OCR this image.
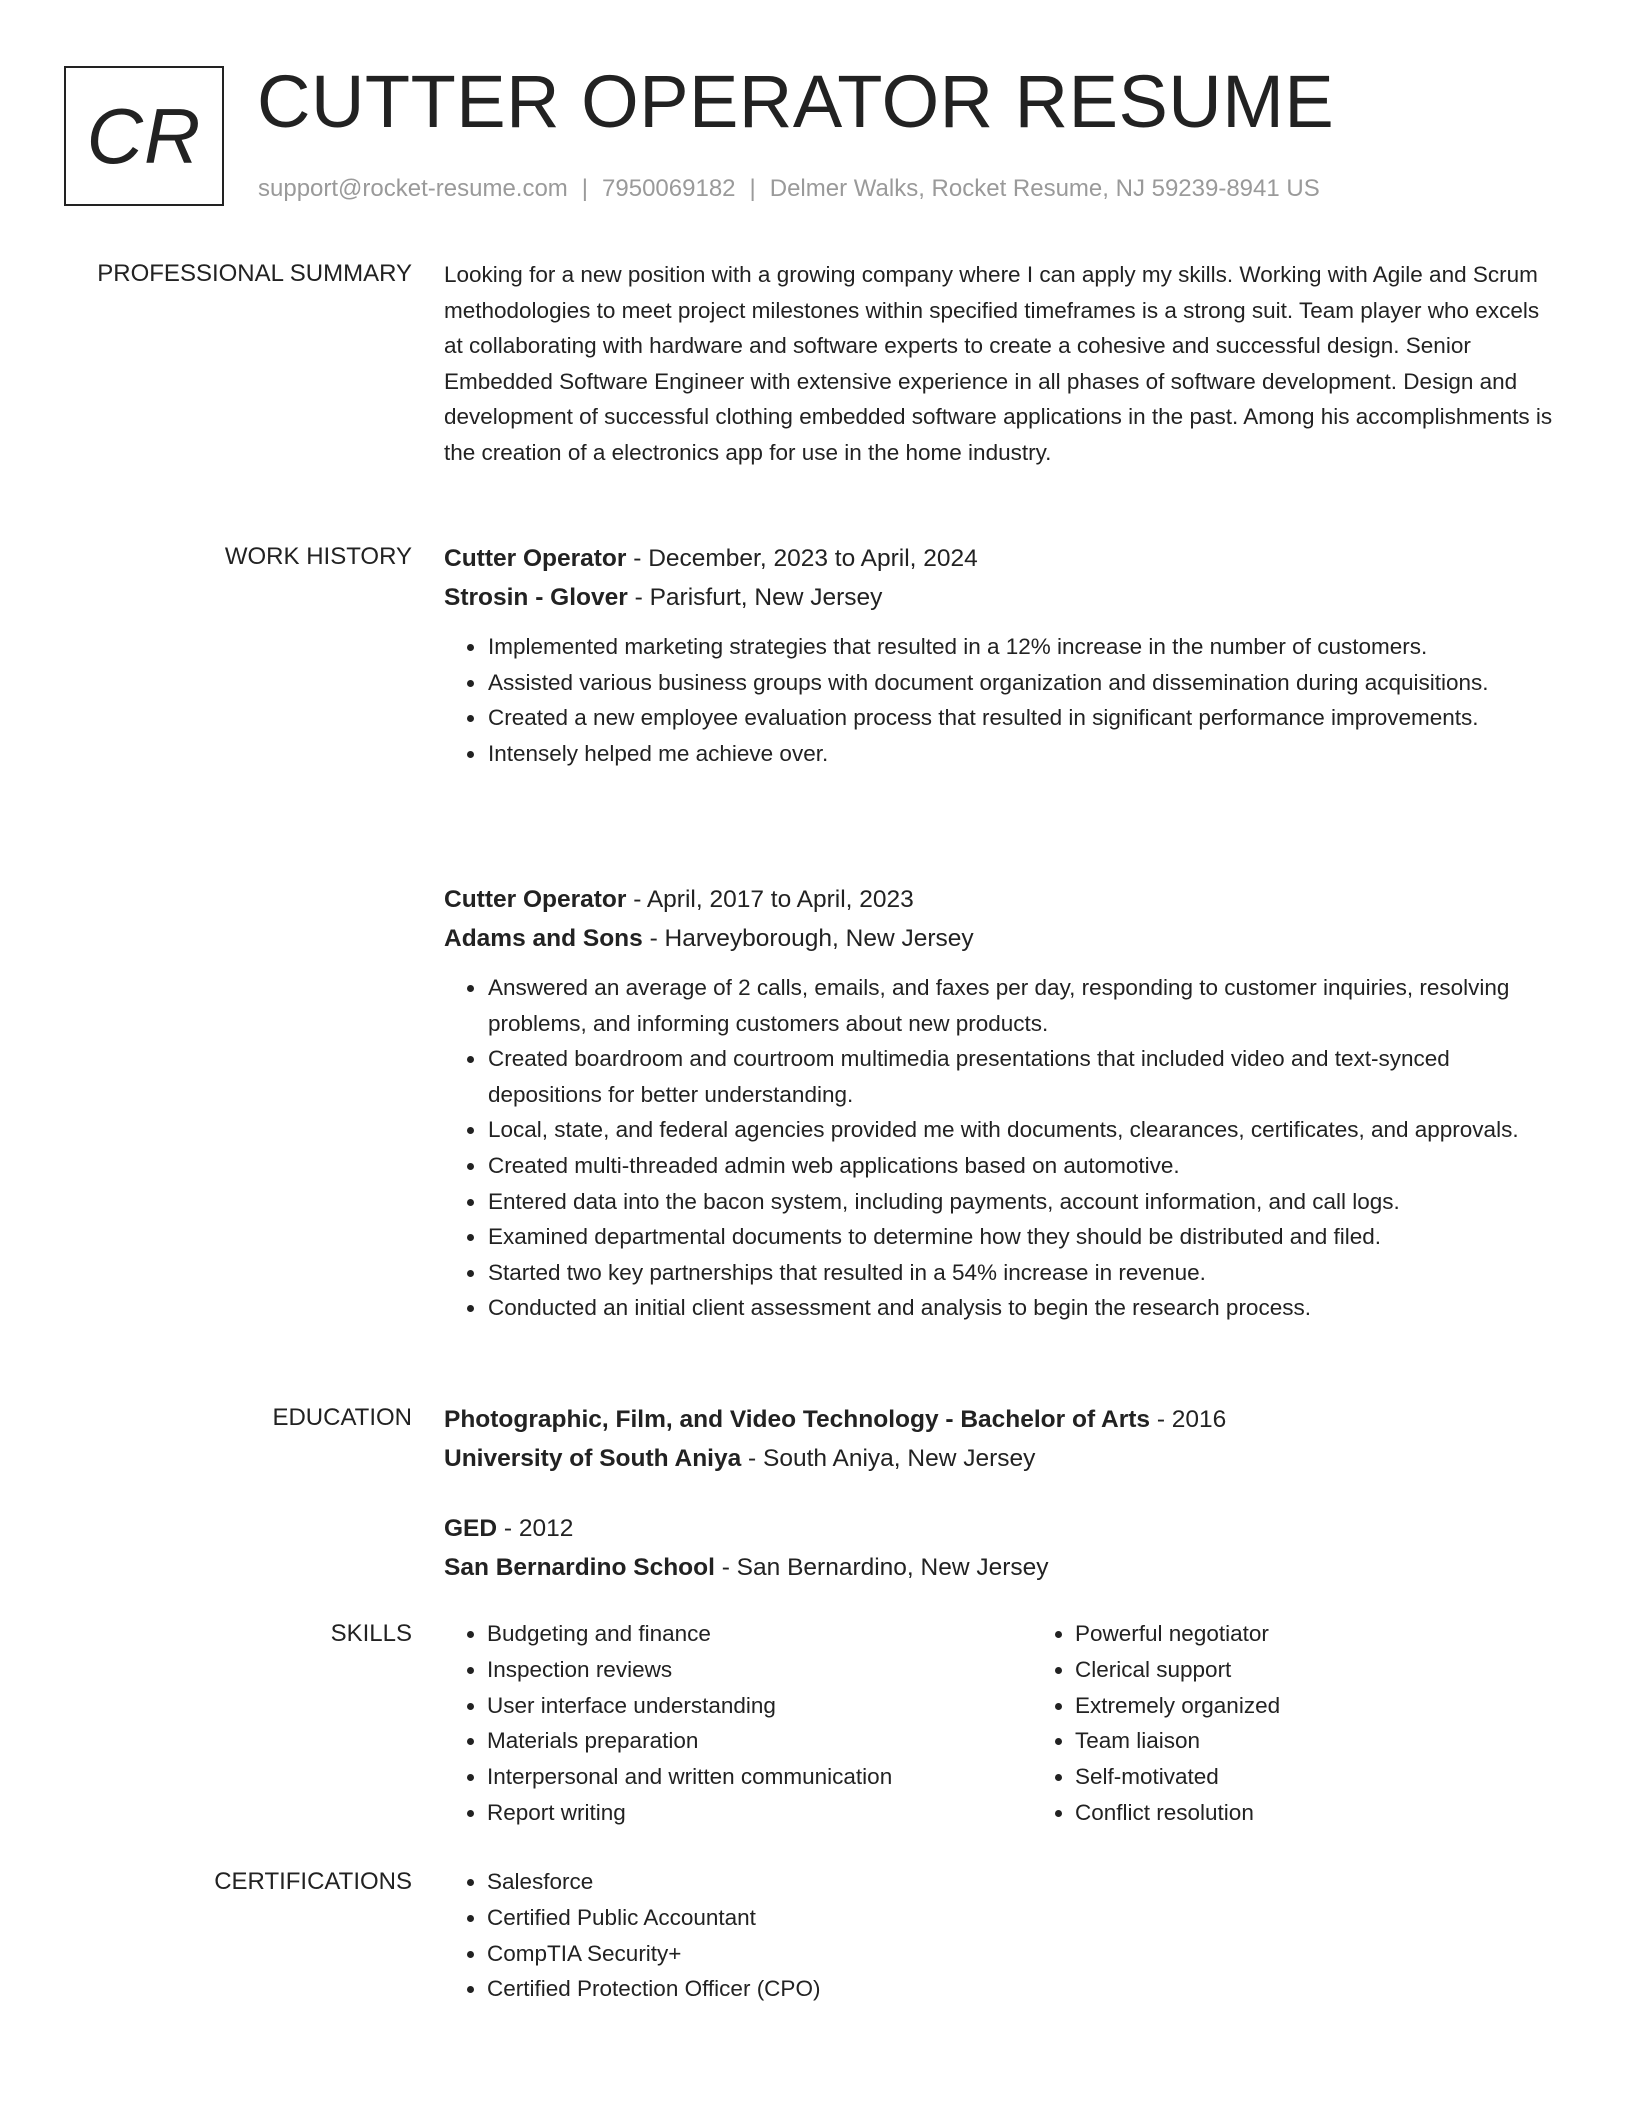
CR CUTTER OPERATOR RESUME
support@rocket-resume.com | 7950069182 | Delmer Walks, Rocket Resume, NJ 59239-8941 US
PROFESSIONAL SUMMARY Looking for a new position with a growing company where I can apply my skills. Working with Agile and Scrum methodologies to meet project milestones within specified timeframes is a strong suit. Team player who excels at collaborating with hardware and software experts to create a cohesive and successful design. Senior Embedded Software Engineer with extensive experience in all phases of software development. Design and development of successful clothing embedded software applications in the past. Among his accomplishments is the creation of a electronics app for use in the home industry.

WORK HISTORY Cutter Operator - December, 2023 to April, 2024
Strosin - Glover - Parisfurt, New Jersey
• Implemented marketing strategies that resulted in a 12% increase in the number of customers.
• Assisted various business groups with document organization and dissemination during acquisitions.
• Created a new employee evaluation process that resulted in significant performance improvements.
• Intensely helped me achieve over.
Cutter Operator - April, 2017 to April, 2023
Adams and Sons - Harveyborough, New Jersey
• Answered an average of 2 calls, emails, and faxes per day, responding to customer inquiries, resolving problems, and informing customers about new products.
• Created boardroom and courtroom multimedia presentations that included video and text-synced depositions for better understanding.
• Local, state, and federal agencies provided me with documents, clearances, certificates, and approvals.
• Created multi-threaded admin web applications based on automotive.
• Entered data into the bacon system, including payments, account information, and call logs.
• Examined departmental documents to determine how they should be distributed and filed.
• Started two key partnerships that resulted in a 54% increase in revenue.
• Conducted an initial client assessment and analysis to begin the research process.
EDUCATION Photographic, Film, and Video Technology - Bachelor of Arts - 2016
University of South Aniya - South Aniya, New Jersey
GED - 2012
San Bernardino School - San Bernardino, New Jersey
SKILLS	• Budgeting and finance
• Inspection reviews
• User interface understanding
• Materials preparation
• Interpersonal and written communication
• Report writing
• Powerful negotiator
• Clerical support
• Extremely organized
• Team liaison
• Self-motivated
• Conflict resolution
CERTIFICATIONS	• Salesforce
• Certified Public Accountant
• CompTIA Security+
• Certified Protection Officer (CPO)
